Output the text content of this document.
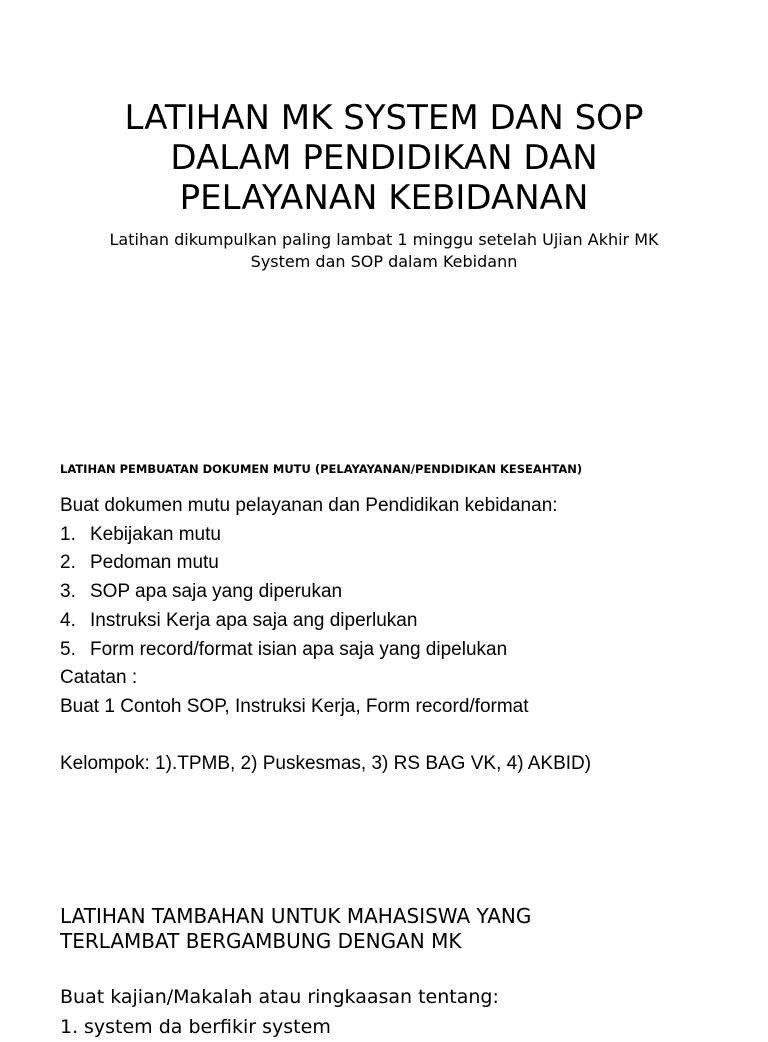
LATIHAN MK SYSTEM DAN SOP
DALAM PENDIDIKAN DAN
PELAYANAN KEBIDANAN

Latihan dikumpulkan paling lambat 1 minggu setelah Ujian Akhir MK
System dan SOP dalam Kebidann

LATIHAN PEMBUATAN DOKUMEN MUTU (PELAYAYANAN/PENDIDIKAN KESEAHTAN)
Buat dokumen mutu pelayanan dan Pendidikan kebidanan:
1. Kebijakan mutu
2. Pedoman mutu
3. SOP apa saja yang diperukan
4. Instruksi Kerja apa saja ang diperlukan
5. Form record/format isian apa saja yang dipelukan
Catatan :
Buat 1 Contoh SOP, Instruksi Kerja, Form record/format
Kelompok: 1).TPMB, 2) Puskesmas, 3) RS BAG VK, 4) AKBID)
LATIHAN TAMBAHAN UNTUK MAHASISWA YANG
TERLAMBAT BERGAMBUNG DENGAN MK
Buat kajian/Makalah atau ringkaasan tentang:
1. system da berfikir system
